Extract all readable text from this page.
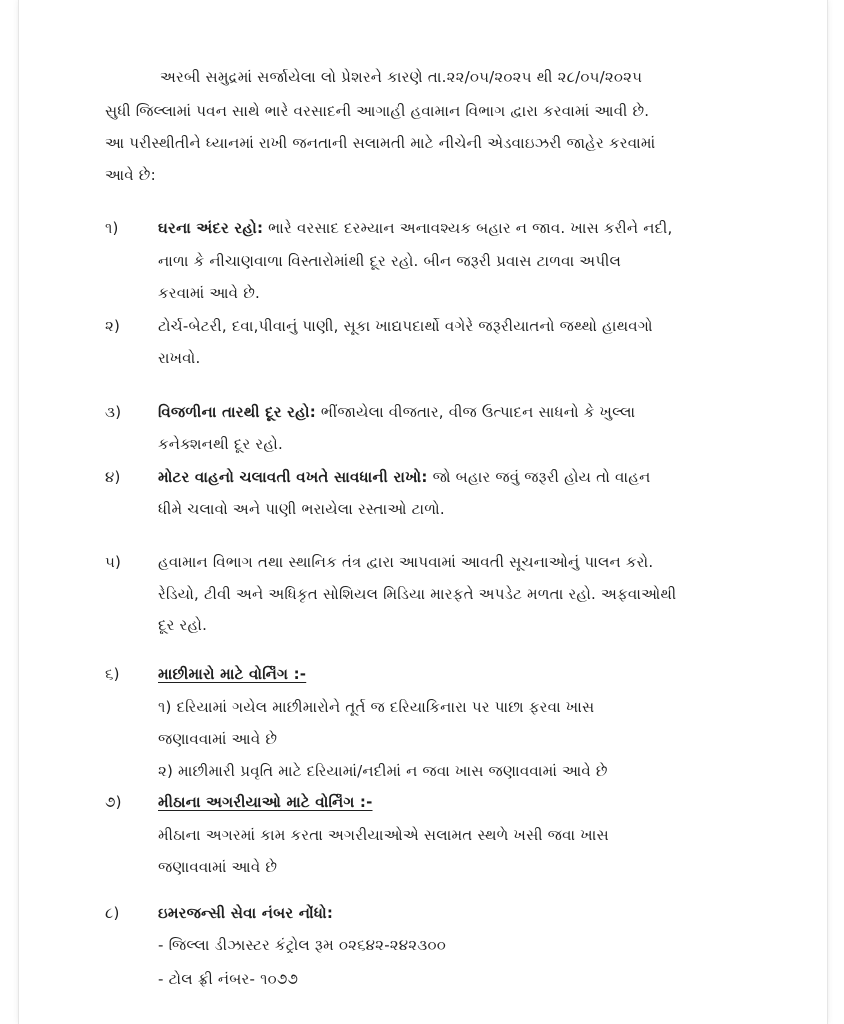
અરબી સમુદ્રમાં સર્જાયેલા લો પ્રેશરને કારણે તા.૨૨/૦૫/૨૦૨૫ થી ૨૮/૦૫/૨૦૨૫
સુધી જિલ્લામાં પવન સાથે ભારે વરસાદની આગાહી હવામાન વિભાગ દ્વારા કરવામાં આવી છે.
આ પરીસ્થીતીને ધ્યાનમાં રાખી જનતાની સલામતી માટે નીચેની એડવાઇઝરી જાહેર કરવામાં
આવે છે:
૧)	ઘરના અંદર રહો: ભારે વરસાદ દરમ્યાન અનાવશ્યક બહાર ન જાવ. ખાસ કરીને નદી,
નાળા કે નીચાણવાળા વિસ્તારોમાંથી દૂર રહો. બીન જરૂરી પ્રવાસ ટાળવા અપીલ
કરવામાં આવે છે.
૨)	ટોર્ચ-બેટરી, દવા,પીવાનું પાણી, સૂકા ખાદ્યપદાર્થો વગેરે જરૂરીયાતનો જથ્થો હાથવગો
રાખવો.
૩) વિજળીના તારથી દૂર રહો: ભીંજાયેલા વીજતાર, વીજ ઉત્પાદન સાધનો કે ખુલ્લા
કનેક્શનથી દૂર રહો.
૪) મોટર વાહનો ચલાવતી વખતે સાવધાની રાખો: જો બહાર જવું જરૂરી હોય તો વાહન
ધીમે ચલાવો અને પાણી ભરાયેલા રસ્તાઓ ટાળો.
૫) હવામાન વિભાગ તથા સ્થાનિક તંત્ર દ્વારા આપવામાં આવતી સૂચનાઓનું પાલન કરો.
રેડિયો, ટીવી અને અધિકૃત સોશિયલ મિડિયા મારફતે અપડેટ મળતા રહો. અફવાઓથી
દૂર રહો.
૬)	માછીમારો માટે વોર્નિંગ :-
૧) દરિયામાં ગયેલ માછીમારોને તૂર્ત જ દરિયાકિનારા પર પાછા ફરવા ખાસ
જણાવવામાં આવે છે
૨) માછીમારી પ્રવૃતિ માટે દરિયામાં/નદીમાં ન જવા ખાસ જણાવવામાં આવે છે
૭) મીઠાના અગરીયાઓ માટે વોર્નિંગ :-
મીઠાના અગરમાં કામ કરતા અગરીયાઓએ સલામત સ્થળે ખસી જવા ખાસ
જણાવવામાં આવે છે
૮)	ઇમરજન્સી સેવા નંબર નોંધો:
- જિલ્લા ડીઝાસ્ટર કંટ્રોલ રૂમ ૦૨૬૪૨-૨૪૨૩૦૦
- ટોલ ફ્રી નંબર- ૧૦૭૭
